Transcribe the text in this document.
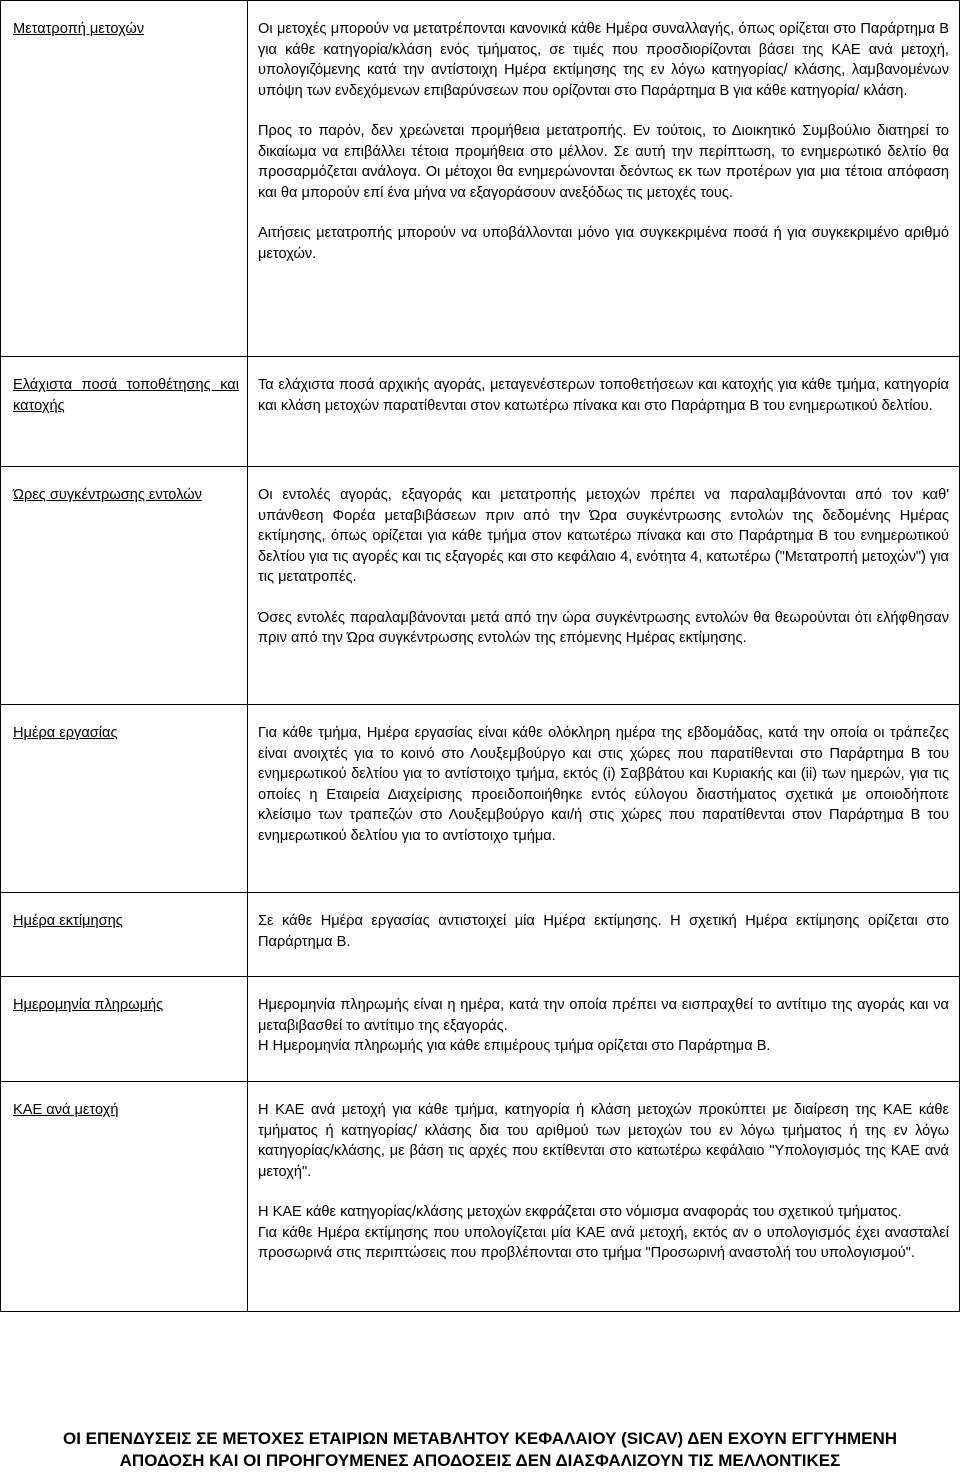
Μετατροπή μετοχών	Οι μετοχές μπορούν να μετατρέπονται κανονικά κάθε Ημέρα συναλλαγής, όπως ορίζεται στο Παράρτημα Β για κάθε κατηγορία/κλάση ενός τμήματος, σε τιμές που προσδιορίζονται βάσει της ΚΑΕ ανά μετοχή, υπολογιζόμενης κατά την αντίστοιχη Ημέρα εκτίμησης της εν λόγω κατηγορίας/ κλάσης, λαμβανομένων υπόψη των ενδεχόμενων επιβαρύνσεων που ορίζονται στο Παράρτημα Β για κάθε κατηγορία/ κλάση.

Προς το παρόν, δεν χρεώνεται προμήθεια μετατροπής. Εν τούτοις, το Διοικητικό Συμβούλιο διατηρεί το δικαίωμα να επιβάλλει τέτοια προμήθεια στο μέλλον. Σε αυτή την περίπτωση, το ενημερωτικό δελτίο θα προσαρμόζεται ανάλογα. Οι μέτοχοι θα ενημερώνονται δεόντως εκ των προτέρων για μια τέτοια απόφαση και θα μπορούν επί ένα μήνα να εξαγοράσουν ανεξόδως τις μετοχές τους.

Αιτήσεις μετατροπής μπορούν να υποβάλλονται μόνο για συγκεκριμένα ποσά ή για συγκεκριμένο αριθμό μετοχών.

Ελάχιστα ποσά τοποθέτησης και κατοχής	Τα ελάχιστα ποσά αρχικής αγοράς, μεταγενέστερων τοποθετήσεων και κατοχής για κάθε τμήμα, κατηγορία και κλάση μετοχών παρατίθενται στον κατωτέρω πίνακα και στο Παράρτημα Β του ενημερωτικού δελτίου.

Ώρες συγκέντρωσης εντολών	Οι εντολές αγοράς, εξαγοράς και μετατροπής μετοχών πρέπει να παραλαμβάνονται από τον καθ' υπάνθεση Φορέα μεταβιβάσεων πριν από την Ώρα συγκέντρωσης εντολών της δεδομένης Ημέρας εκτίμησης, όπως ορίζεται για κάθε τμήμα στον κατωτέρω πίνακα και στο Παράρτημα Β του ενημερωτικού δελτίου για τις αγορές και τις εξαγορές και στο κεφάλαιο 4, ενότητα 4, κατωτέρω ("Μετατροπή μετοχών") για τις μετατροπές.

Όσες εντολές παραλαμβάνονται μετά από την ώρα συγκέντρωσης εντολών θα θεωρούνται ότι ελήφθησαν πριν από την Ώρα συγκέντρωσης εντολών της επόμενης Ημέρας εκτίμησης.

Ημέρα εργασίας	Για κάθε τμήμα, Ημέρα εργασίας είναι κάθε ολόκληρη ημέρα της εβδομάδας, κατά την οποία οι τράπεζες είναι ανοιχτές για το κοινό στο Λουξεμβούργο και στις χώρες που παρατίθενται στο Παράρτημα Β του ενημερωτικού δελτίου για το αντίστοιχο τμήμα, εκτός (i) Σαββάτου και Κυριακής και (ii) των ημερών, για τις οποίες η Εταιρεία Διαχείρισης προειδοποιήθηκε εντός εύλογου διαστήματος σχετικά με οποιοδήποτε κλείσιμο των τραπεζών στο Λουξεμβούργο και/ή στις χώρες που παρατίθενται στον Παράρτημα Β του ενημερωτικού δελτίου για το αντίστοιχο τμήμα.

Ημέρα εκτίμησης	Σε κάθε Ημέρα εργασίας αντιστοιχεί μία Ημέρα εκτίμησης. Η σχετική Ημέρα εκτίμησης ορίζεται στο Παράρτημα Β.

Ημερομηνία πληρωμής	Ημερομηνία πληρωμής είναι η ημέρα, κατά την οποία πρέπει να εισπραχθεί το αντίτιμο της αγοράς και να μεταβιβασθεί το αντίτιμο της εξαγοράς.

Η Ημερομηνία πληρωμής για κάθε επιμέρους τμήμα ορίζεται στο Παράρτημα Β.

ΚΑΕ ανά μετοχή	Η ΚΑΕ ανά μετοχή για κάθε τμήμα, κατηγορία ή κλάση μετοχών προκύπτει με διαίρεση της ΚΑΕ κάθε τμήματος ή κατηγορίας/ κλάσης δια του αριθμού των μετοχών του εν λόγω τμήματος ή της εν λόγω κατηγορίας/κλάσης, με βάση τις αρχές που εκτίθενται στο κατωτέρω κεφάλαιο "Υπολογισμός της ΚΑΕ ανά μετοχή".

Η ΚΑΕ κάθε κατηγορίας/κλάσης μετοχών εκφράζεται στο νόμισμα αναφοράς του σχετικού τμήματος.

Για κάθε Ημέρα εκτίμησης που υπολογίζεται μία ΚΑΕ ανά μετοχή, εκτός αν ο υπολογισμός έχει ανασταλεί προσωρινά στις περιπτώσεις που προβλέπονται στο τμήμα "Προσωρινή αναστολή του υπολογισμού".

ΟΙ ΕΠΕΝΔΥΣΕΙΣ ΣΕ ΜΕΤΟΧΕΣ ΕΤΑΙΡΙΩΝ ΜΕΤΑΒΛΗΤΟΥ ΚΕΦΑΛΑΙΟΥ (SICAV) ΔΕΝ ΕΧΟΥΝ ΕΓΓΥΗΜΕΝΗ
ΑΠΟΔΟΣΗ ΚΑΙ ΟΙ ΠΡΟΗΓΟΥΜΕΝΕΣ ΑΠΟΔΟΣΕΙΣ ΔΕΝ ΔΙΑΣΦΑΛΙΖΟΥΝ ΤΙΣ ΜΕΛΛΟΝΤΙΚΕΣ
